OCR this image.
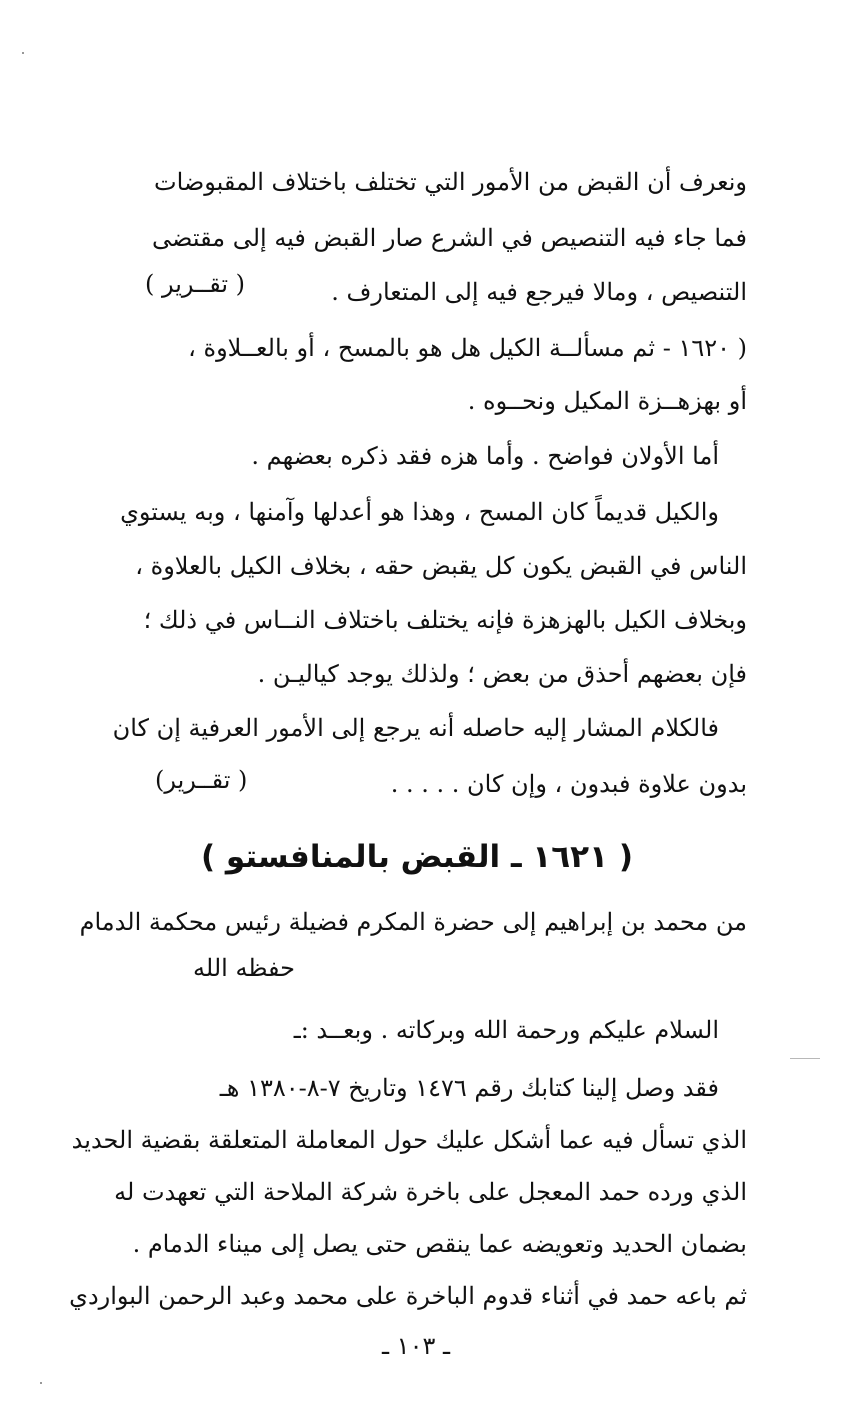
ونعرف أن القبض من الأمور التي تختلف باختلاف المقبوضات
فما جاء فيه التنصيص في الشرع صار القبض فيه إلى مقتضى
التنصيص ، ومالا فيرجع فيه إلى المتعارف .
( تقــرير )
( ١٦٢٠ - ثم مسألــة الكيل هل هو بالمسح ، أو بالعــلاوة ،
أو بهزهــزة المكيل ونحــوه .
أما الأولان فواضح . وأما هزه فقد ذكره بعضهم .
والكيل قديماً كان المسح ، وهذا هو أعدلها وآمنها ، وبه يستوي
الناس في القبض يكون كل يقبض حقه ، بخلاف الكيل بالعلاوة ،
وبخلاف الكيل بالهزهزة فإنه يختلف باختلاف النــاس في ذلك ؛
فإن بعضهم أحذق من بعض ؛ ولذلك يوجد كياليـن .
فالكلام المشار إليه حاصله أنه يرجع إلى الأمور العرفية إن كان
بدون علاوة فبدون ، وإن كان . . . . .
( تقــرير)
( ١٦٢١ ـ القبض بالمنافستو )
من محمد بن إبراهيم إلى حضرة المكرم فضيلة رئيس محكمة الدمام
حفظه الله
السلام عليكم ورحمة الله وبركاته . وبعــد :ـ
فقد وصل إلينا كتابك رقم ١٤٧٦ وتاريخ ٧-٨-١٣٨٠ هـ
الذي تسأل فيه عما أشكل عليك حول المعاملة المتعلقة بقضية الحديد
الذي ورده حمد المعجل على باخرة شركة الملاحة التي تعهدت له
بضمان الحديد وتعويضه عما ينقص حتى يصل إلى ميناء الدمام .
ثم باعه حمد في أثناء قدوم الباخرة على محمد وعبد الرحمن البواردي
ـ ١٠٣ ـ
